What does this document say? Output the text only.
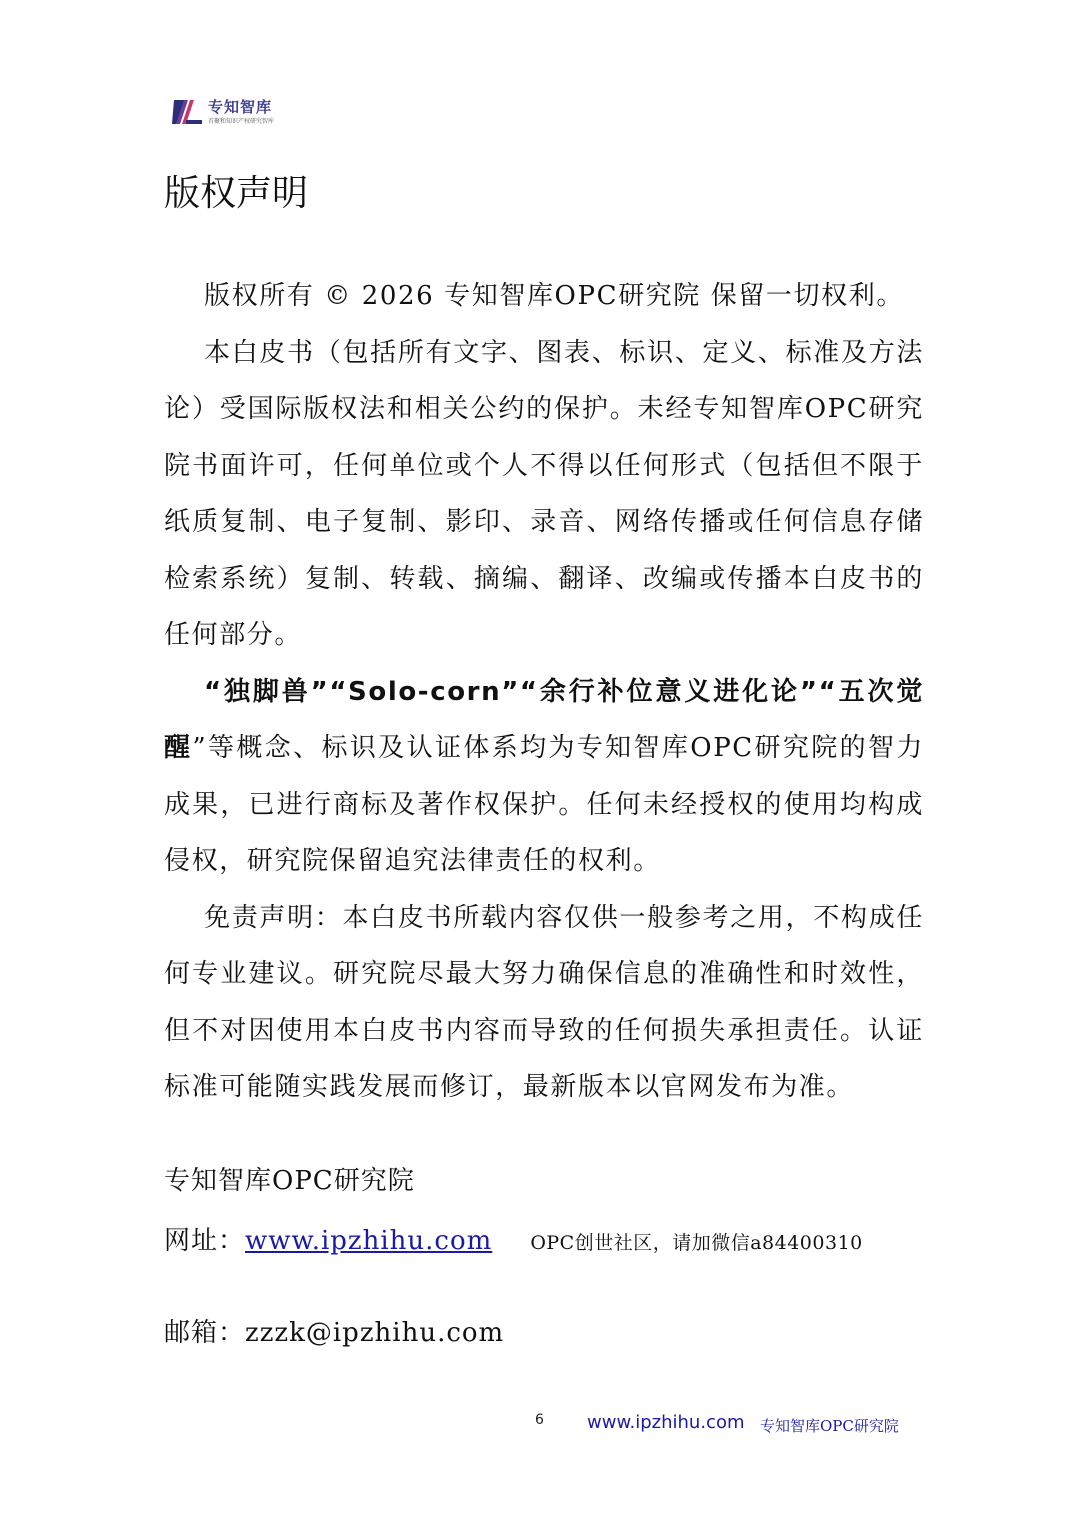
专知智库
首聚和知识产权研究智库
版权声明

版权所有 © 2026 专知智库OPC研究院 保留一切权利。

本白皮书（包括所有文字、图表、标识、定义、标准及方法论）受国际版权法和相关公约的保护。未经专知智库OPC研究院书面许可，任何单位或个人不得以任何形式（包括但不限于纸质复制、电子复制、影印、录音、网络传播或任何信息存储检索系统）复制、转载、摘编、翻译、改编或传播本白皮书的任何部分。

“独脚兽”“Solo-corn”“余行补位意义进化论”“五次觉醒”等概念、标识及认证体系均为专知智库OPC研究院的智力成果，已进行商标及著作权保护。任何未经授权的使用均构成侵权，研究院保留追究法律责任的权利。

免责声明：本白皮书所载内容仅供一般参考之用，不构成任何专业建议。研究院尽最大努力确保信息的准确性和时效性，但不对因使用本白皮书内容而导致的任何损失承担责任。认证标准可能随实践发展而修订，最新版本以官网发布为准。

专知智库OPC研究院
网址：www.ipzhihu.com OPC创世社区，请加微信a84400310
邮箱：zzzk@ipzhihu.com
6 www.ipzhihu.com 专知智库OPC研究院
